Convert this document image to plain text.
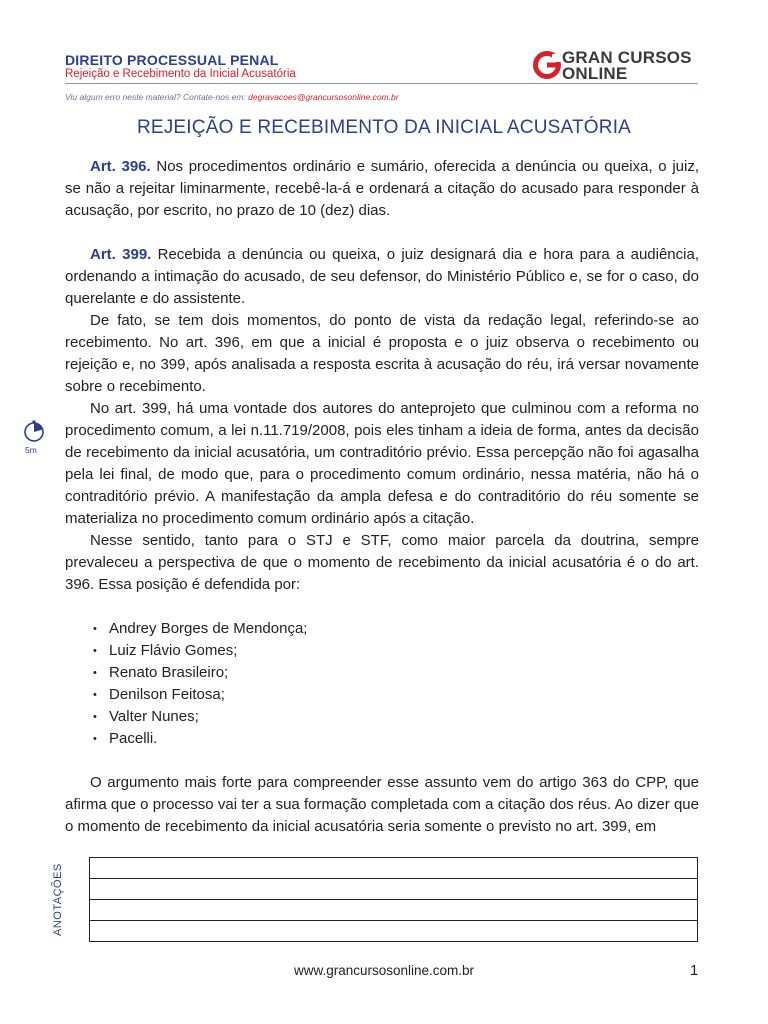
DIREITO PROCESSUAL PENAL
Rejeição e Recebimento da Inicial Acusatória
Viu algum erro neste material? Contate-nos em: degravacoes@grancursosonline.com.br
GRAN CURSOS
ONLINE
REJEIÇÃO E RECEBIMENTO DA INICIAL ACUSATÓRIA
5m

Art. 396. Nos procedimentos ordinário e sumário, oferecida a denúncia ou queixa, o juiz, se não a rejeitar liminarmente, recebê-la-á e ordenará a citação do acusado para responder à acusação, por escrito, no prazo de 10 (dez) dias.

Art. 399. Recebida a denúncia ou queixa, o juiz designará dia e hora para a audiência, ordenando a intimação do acusado, de seu defensor, do Ministério Público e, se for o caso, do querelante e do assistente.

De fato, se tem dois momentos, do ponto de vista da redação legal, referindo-se ao recebimento. No art. 396, em que a inicial é proposta e o juiz observa o recebimento ou rejeição e, no 399, após analisada a resposta escrita à acusação do réu, irá versar novamente sobre o recebimento.

No art. 399, há uma vontade dos autores do anteprojeto que culminou com a reforma no procedimento comum, a lei n.11.719/2008, pois eles tinham a ideia de forma, antes da decisão de recebimento da inicial acusatória, um contraditório prévio. Essa percepção não foi agasalha pela lei final, de modo que, para o procedimento comum ordinário, nessa matéria, não há o contraditório prévio. A manifestação da ampla defesa e do contraditório do réu somente se materializa no procedimento comum ordinário após a citação.

Nesse sentido, tanto para o STJ e STF, como maior parcela da doutrina, sempre prevaleceu a perspectiva de que o momento de recebimento da inicial acusatória é o do art. 396. Essa posição é defendida por:

• Andrey Borges de Mendonça;
• Luiz Flávio Gomes;
• Renato Brasileiro;
• Denilson Feitosa;
• Valter Nunes;
• Pacelli.

O argumento mais forte para compreender esse assunto vem do artigo 363 do CPP, que afirma que o processo vai ter a sua formação completada com a citação dos réus. Ao dizer que o momento de recebimento da inicial acusatória seria somente o previsto no art. 399, em

ANOTAÇÕES
www.grancursosonline.com.br	1
